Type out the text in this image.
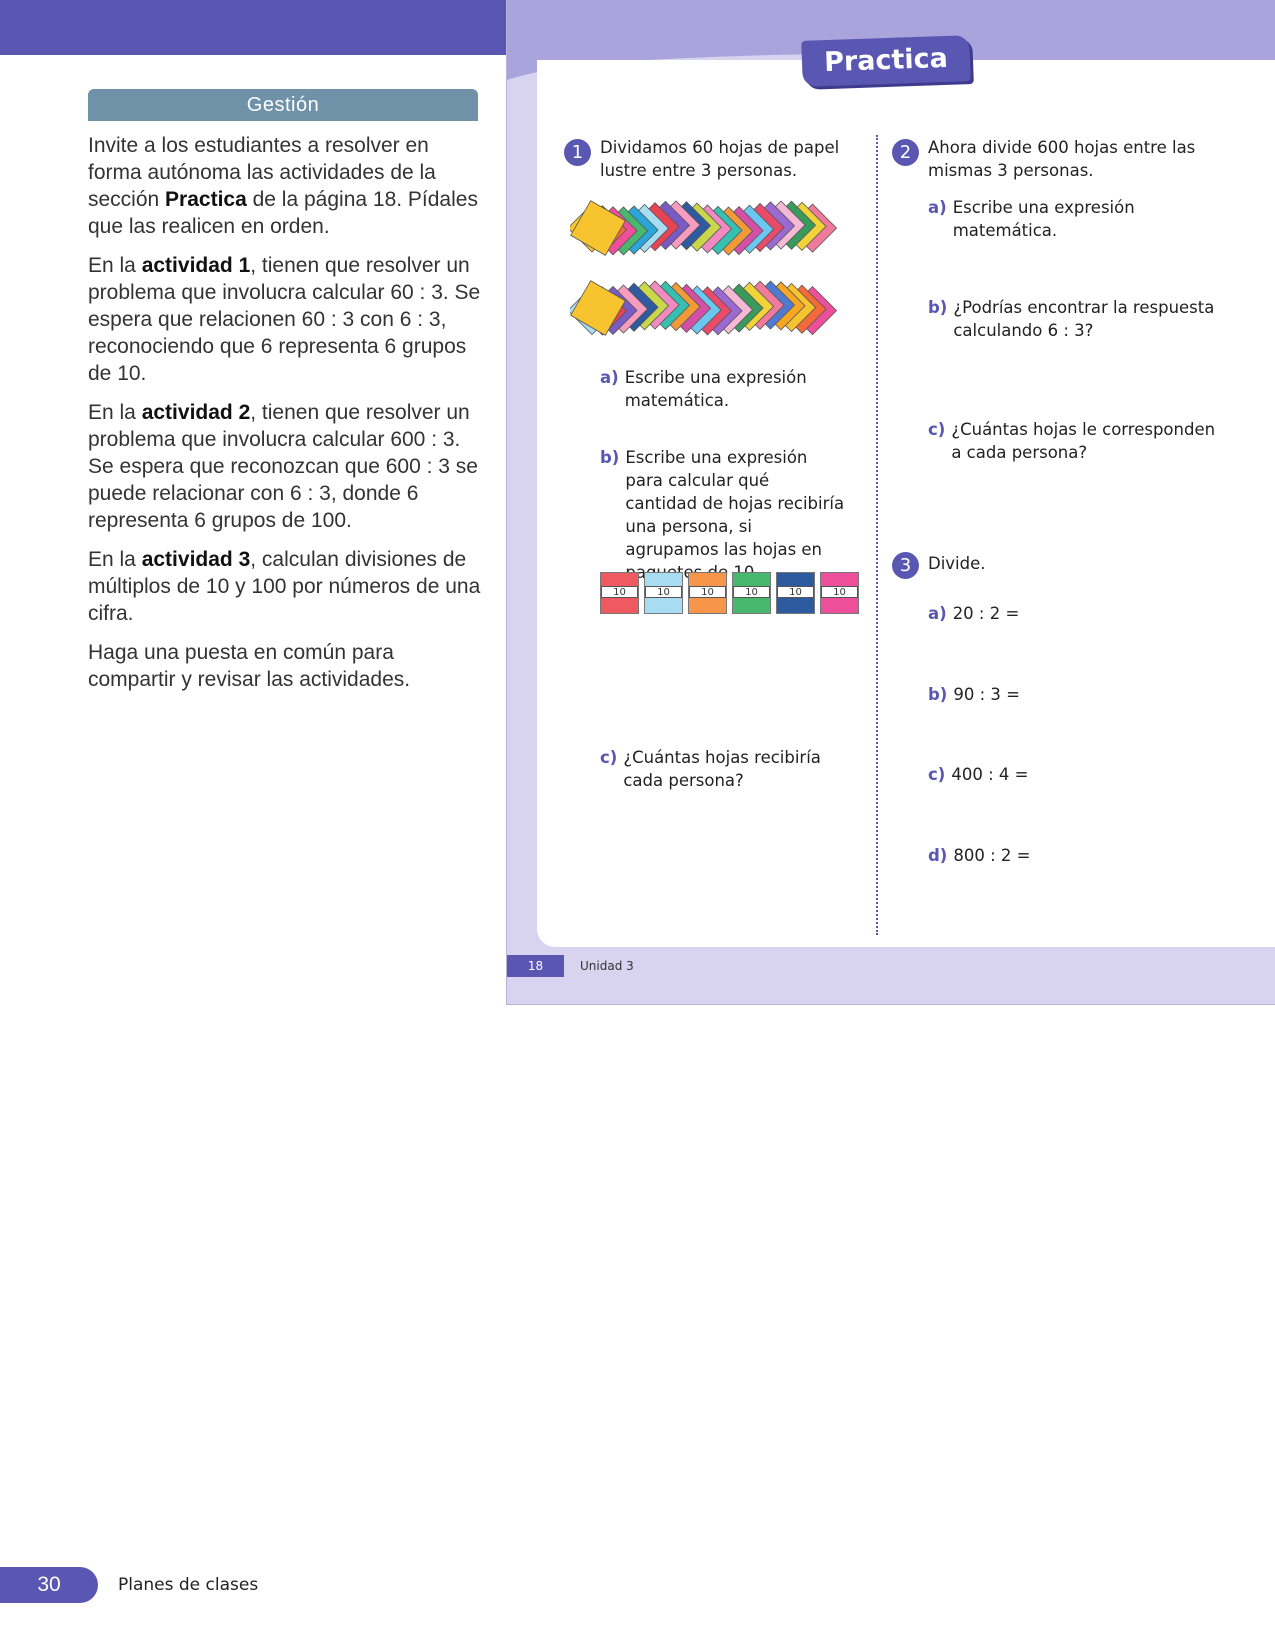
Gestión

Invite a los estudiantes a resolver en forma autónoma las actividades de la sección Practica de la página 18. Pídales que las realicen en orden.

En la actividad 1, tienen que resolver un problema que involucra calcular 60 : 3. Se espera que relacionen 60 : 3 con 6 : 3, reconociendo que 6 representa 6 grupos de 10.

En la actividad 2, tienen que resolver un problema que involucra calcular 600 : 3. Se espera que reconozcan que 600 : 3 se puede relacionar con 6 : 3, donde 6 representa 6 grupos de 100.

En la actividad 3, calculan divisiones de múltiplos de 10 y 100 por números de una cifra.

Haga una puesta en común para compartir y revisar las actividades.

Practica
1	Dividamos 60 hojas de papel lustre entre 3 personas.
a) Escribe una expresión matemática.
b) Escribe una expresión para calcular qué cantidad de hojas recibiría una persona, si agrupamos las hojas en
10	10	10	10	10	10
c) ¿Cuántas hojas recibiría cada persona?
2	Ahora divide 600 hojas entre las mismas 3 personas.
a) Escribe una expresión matemática.
b) ¿Podrías encontrar la respuesta calculando 6 : 3?
c) ¿Cuántas hojas le corresponden a cada persona?
3	Divide.
a) 20 : 2 =
b) 90 : 3 =
c) 400 : 4 =
d) 800 : 2 =
18	Unidad 3
30	Planes de clases
